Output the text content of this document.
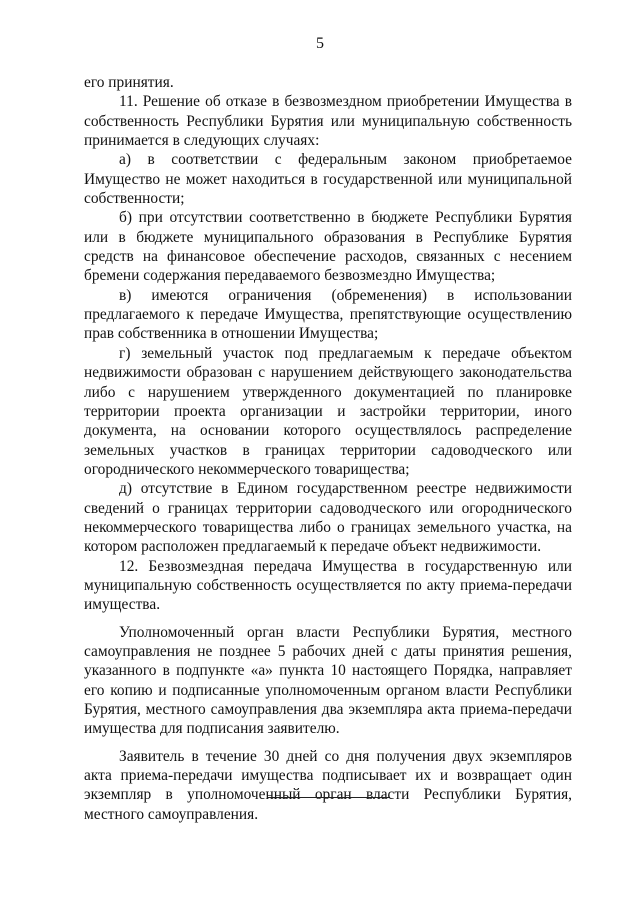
5

его принятия.

11. Решение об отказе в безвозмездном приобретении Имущества в собственность Республики Бурятия или муниципальную собственность принимается в следующих случаях:

а) в соответствии с федеральным законом приобретаемое Имущество не может находиться в государственной или муниципальной собственности;

б) при отсутствии соответственно в бюджете Республики Бурятия или в бюджете муниципального образования в Республике Бурятия средств на финансовое обеспечение расходов, связанных с несением бремени содержания передаваемого безвозмездно Имущества;

в) имеются ограничения (обременения) в использовании предлагаемого к передаче Имущества, препятствующие осуществлению прав собственника в отношении Имущества;

г) земельный участок под предлагаемым к передаче объектом недвижимости образован с нарушением действующего законодательства либо с нарушением утвержденного документацией по планировке территории проекта организации и застройки территории, иного документа, на основании которого осуществлялось распределение земельных участков в границах территории садоводческого или огороднического некоммерческого товарищества;

д) отсутствие в Едином государственном реестре недвижимости сведений о границах территории садоводческого или огороднического некоммерческого товарищества либо о границах земельного участка, на котором расположен предлагаемый к передаче объект недвижимости.

12. Безвозмездная передача Имущества в государственную или муниципальную собственность осуществляется по акту приема-передачи имущества.

Уполномоченный орган власти Республики Бурятия, местного самоуправления не позднее 5 рабочих дней с даты принятия решения, указанного в подпункте «а» пункта 10 настоящего Порядка, направляет его копию и подписанные уполномоченным органом власти Республики Бурятия, местного самоуправления два экземпляра акта приема-передачи имущества для подписания заявителю.

Заявитель в течение 30 дней со дня получения двух экземпляров акта приема-передачи имущества подписывает их и возвращает один экземпляр в уполномоченный орган власти Республики Бурятия, местного самоуправления.
